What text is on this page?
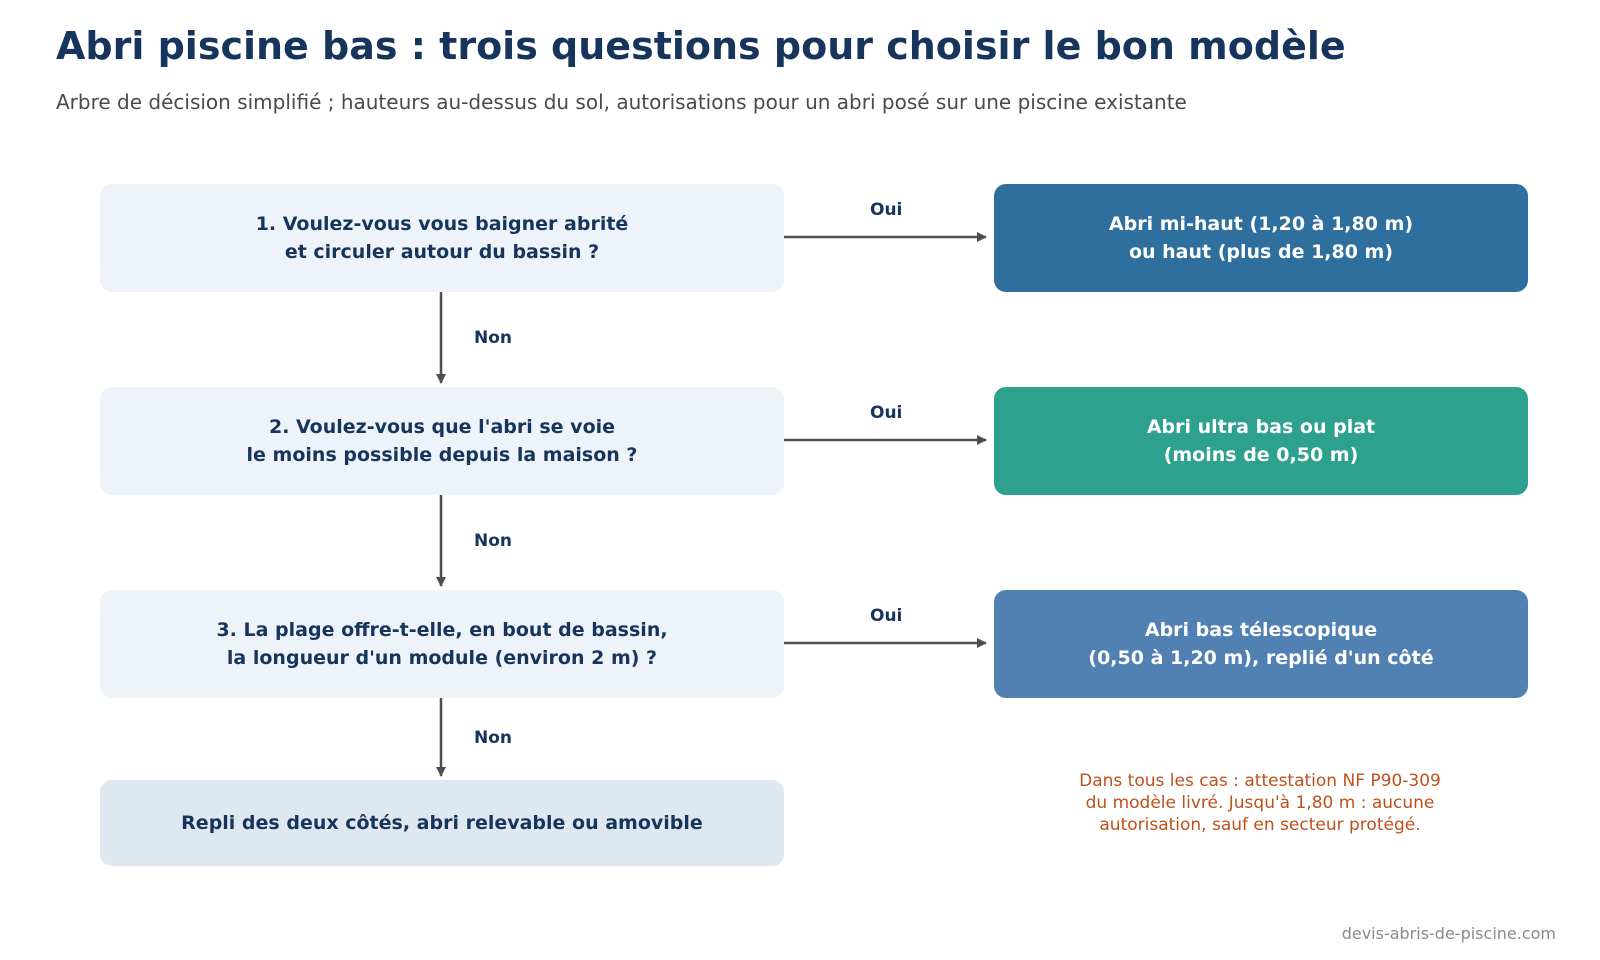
Abri piscine bas : trois questions pour choisir le bon modèle
Arbre de décision simplifié ; hauteurs au-dessus du sol, autorisations pour un abri posé sur une piscine existante
1. Voulez-vous vous baigner abrité
et circuler autour du bassin ?
2. Voulez-vous que l'abri se voie
le moins possible depuis la maison ?
3. La plage offre-t-elle, en bout de bassin,
la longueur d'un module (environ 2 m) ?
Repli des deux côtés, abri relevable ou amovible
Abri mi-haut (1,20 à 1,80 m)
ou haut (plus de 1,80 m)
Abri ultra bas ou plat
(moins de 0,50 m)
Abri bas télescopique
(0,50 à 1,20 m), replié d'un côté
Oui
Oui
Oui
Non
Non
Non
Dans tous les cas : attestation NF P90-309
du modèle livré. Jusqu'à 1,80 m : aucune
autorisation, sauf en secteur protégé.
devis-abris-de-piscine.com
